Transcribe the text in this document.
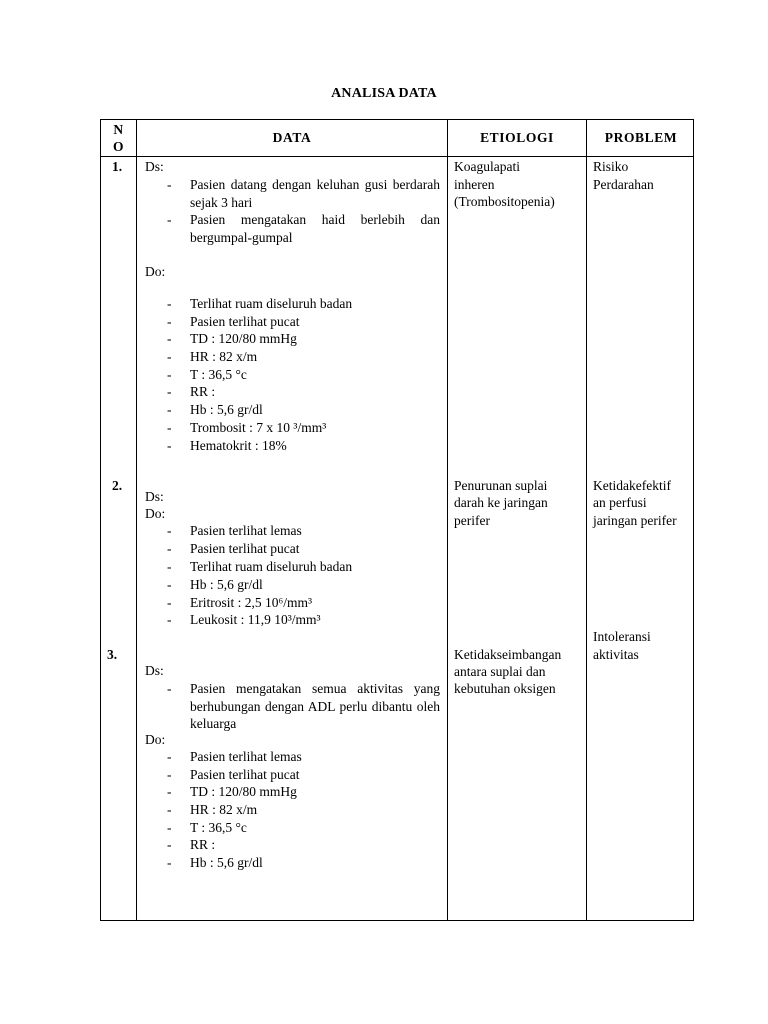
ANALISA DATA
N
O
DATA	ETIOLOGI	PROBLEM
1. Ds:
- Pasien datang dengan keluhan gusi berdarah sejak 3 hari
- Pasien mengatakan haid berlebih dan bergumpal-gumpal
Do:
- Terlihat ruam diseluruh badan
- Pasien terlihat pucat
- TD : 120/80 mmHg
- HR : 82 x/m
- T : 36,5 °c
- RR :
- Hb : 5,6 gr/dl
- Trombosit : 7 x 10 ³/mm³
- Hematokrit : 18%
Koagulapati
inheren
(Trombositopenia)
Risiko
Perdarahan
2.
Ds:
Do:
- Pasien terlihat lemas
- Pasien terlihat pucat
- Terlihat ruam diseluruh badan
- Hb : 5,6 gr/dl
- Eritrosit : 2,5 10⁶/mm³
- Leukosit : 11,9 10³/mm³
Penurunan suplai
darah ke jaringan
perifer
Ketidakefektif
an perfusi
jaringan perifer
3.
Ds:
- Pasien mengatakan semua aktivitas yang berhubungan dengan ADL perlu dibantu oleh keluarga
Do:
- Pasien terlihat lemas
- Pasien terlihat pucat
- TD : 120/80 mmHg
- HR : 82 x/m
- T : 36,5 °c
- RR :
- Hb : 5,6 gr/dl
Ketidakseimbangan
antara suplai dan
kebutuhan oksigen
Intoleransi
aktivitas
